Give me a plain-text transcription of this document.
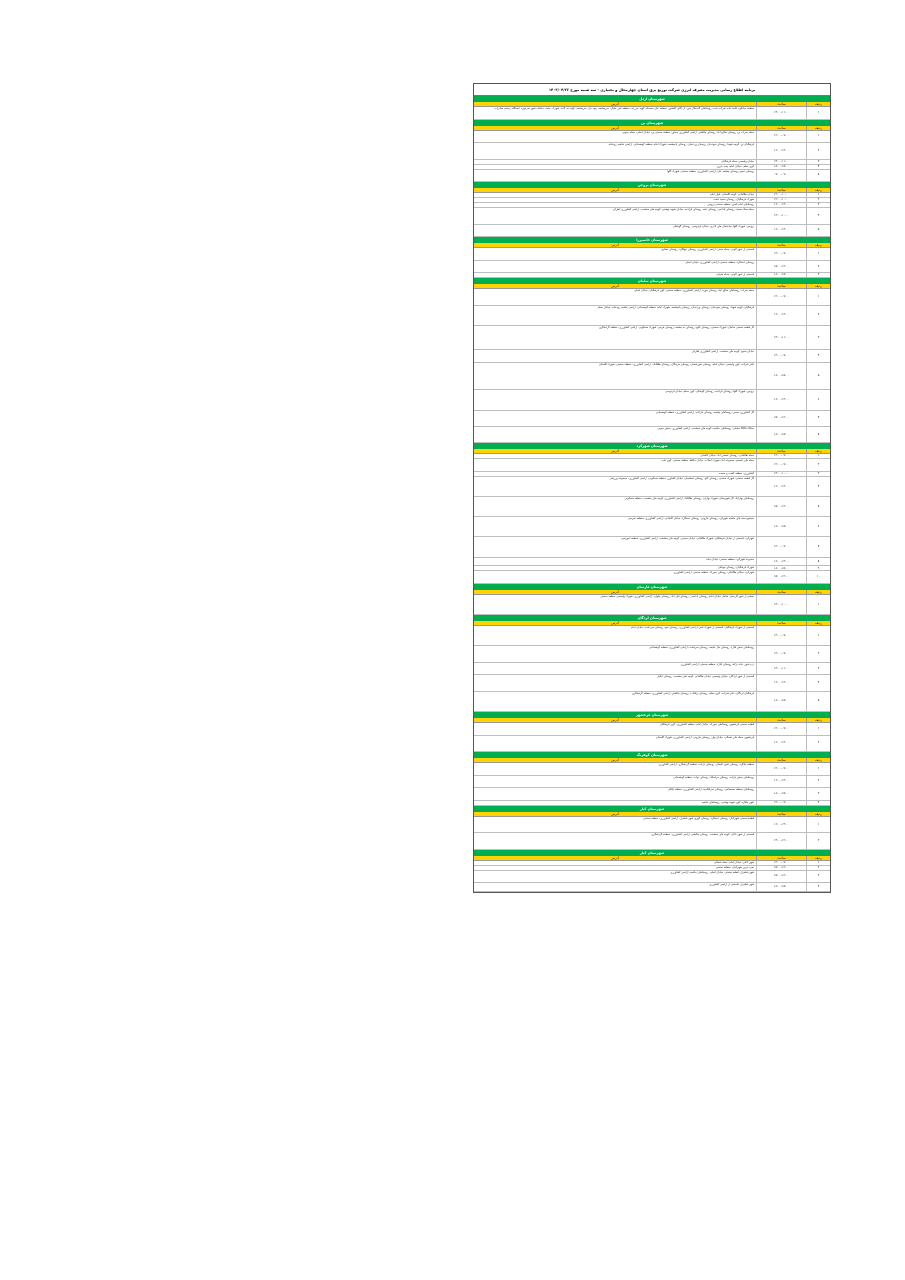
برنامه اطلاع رسانی مدیریت مصرف انرژی شرکت توزیع برق استان چهارمحال و بختیاری - سه شنبه مورخ ۱۴۰۳/۰۴/۲۶
شهرستان اردل
ردیف
ساعت
آدرس
۱
۱۴:۰۰-۱۱:۰۰
منطقه میانکوه، قلعه خانه شرکت نفت، روستاهای گندمکار مور، تل اکاو، کلشتور، منطقه علی مصحانه کهیه، مزرعه، منطقه شیر جلیان، سرچشمه، پیوه بان، سرچشمه، کهنه ده، گنبد، شهرک، جامه، دشتک، شهر سرخون، ایستگاه رسینم معابرات
شهرستان بن
ردیف
ساعت
آدرس
۱
۱۲:۰۰-۰۹:۰۰
محله سراب بن، روستای صالح آباد، روستای چالشتر، اراضی کشاورزی مجاور، منطقه صنعتی بن، خیابان اصلی، محله جنوبی
۲
۱۶:۰۰-۱۳:۰۰
فرهنگیان بن، کوچه شهدا، روستای سودجان، روستای وردنجان، روستای یانچشمه، شهرک امام، منطقه کوهستانی، اراضی حاشیه رودخانه
۳
۱۴:۰۰-۱۱:۰۰
خیابان ولیعصر، محله فرهنگیان
۴
۱۸:۰۰-۱۵:۰۰
کوی معلم، خیابان امام، پمپ بنزین
۵
۰۹:۰۰-۰۷:۰۰
روستای دهنو، روستای چشمه علی، اراضی کشاورزی، منطقه صنعتی، شهرک گلها
شهرستان بروجن
ردیف
ساعت
آدرس
۱
۱۲:۰۰-۱۰:۰۰
خیابان طالقانی، کوچه گلستان، بلوار امام
۲
۱۲:۰۰-۱۰:۰۰
شهرک فرهنگیان، روستای سفید دشت
۳
۱۶:۰۰-۱۴:۰۰
روستاهای امام قیس، منطقه صنعتی بروجن
۴
۱۳:۰۰-۱۰:۰۰
محله سنگ سفید، روستای بلداجی، روستای نقنه، روستای فرادنبه، خیابان شهید بهشتی، کوچه های منشعب، اراضی کشاورزی اطراف
۵
۱۶:۰۰-۱۳:۰۰
بروجن، شهرک گلها، ساختمان های اداری، خیابان فردوسی، روستای گوشکی
شهرستان خانمیرزا
ردیف
ساعت
آدرس
۱
۱۲:۰۰-۰۹:۰۰
قسمتی از شهر آلونی، محله سنتی، اراضی کشاورزی، روستای چهلگرد، روستای مشایخ
۲
۱۵:۰۰-۱۲:۰۰
روستای دستگرد، منطقه صنعتی، اراضی کشاورزی، خیابان اصلی
۳
۱۸:۰۰-۱۵:۰۰
قسمتی از شهر آلونی، محله شرقی
شهرستان سامان
ردیف
ساعت
آدرس
۱
۱۲:۰۰-۰۹:۰۰
محله سراب، روستاهای صالح آباد، روستای هوره، اراضی کشاورزی، منطقه صنعتی، کوی فرهنگیان، خیابان اصلی
۲
۱۶:۰۰-۱۳:۰۰
فرهنگیان، کوچه شهدا، روستای سودجان، روستای وردنجان، روستای یانچشمه، شهرک امام، منطقه کوهستانی، اراضی حاشیه رودخانه، خیابان معلم
۳
۱۴:۰۰-۱۱:۰۰
کل قطعه صنعتی سامان، شهرک صنعتی، روستای نافچ، روستای ده چشمه، روستای هرجی، شهرک مسکونی، اراضی کشاورزی، منطقه گردشگری
۴
۱۲:۰۰-۰۹:۰۰
خیابان بسیج، کوچه های منشعب، اراضی کشاورزی اطراف
۵
۱۸:۰۰-۱۵:۰۰
دفتر شرکت، کوی ولیعصر، خیابان امام، روستای سورشجان، روستای هرچگان، روستای طاقانک، اراضی کشاورزی، منطقه صنعتی، شهرک گلستان
۶
۱۶:۰۰-۱۴:۰۰
بروجن، شهرک گلها، روستای فرادنبه، روستای گوشکی، کوی معلم، خیابان فردوسی
۷
۱۵:۰۰-۱۲:۰۰
کل کشاورزی سمیر، روستاهای چلیچه، روستای مارکده، اراضی کشاورزی، منطقه کوهستانی
۸
۱۸:۰۰-۱۵:۰۰
جایگاه CNG سامان، روستاهای حاشیه، کوچه های منشعب، اراضی کشاورزی، بخش جنوبی
شهرستان شهرکرد
ردیف
ساعت
آدرس
۱
۱۲:۰۰-۰۹:۰۰
محله طالقانی، روستای شمس آباد، خیابان کاشانی
۲
۱۲:۰۰-۰۹:۰۰
محله های تقسیم، مجموعه آباد، شهرک انقلاب، خیابان حافظ، منطقه صنعتی، کوی ملت
۳
۱۴:۰۰-۱۰:۰۰
کشاورزی، منطقه کشت و صنعت
۴
۱۶:۰۰-۱۳:۰۰
کل قطعه صنعتی، شهرک صنعتی، روستای کاج، روستای هفشجان، خیابان کشاورز، منطقه مسکونی، اراضی کشاورزی، مجموعه ورزشی
۵
۱۵:۰۰-۱۲:۰۰
روستاهای بهارآباد، کل شهرستان، شهرک بهاران، روستای طاقانک، اراضی کشاورزی، کوچه های منشعب، منطقه مسکونی
۶
۱۸:۰۰-۱۵:۰۰
مجتمع بسته های حاشیه شهرکرد، روستای هارونی، روستای دستگرد، خیابان کاشانی، اراضی کشاورزی، منطقه تفریحی
۷
۱۲:۰۰-۰۹:۰۰
شهرکرد، قسمتی از خیابان فرهنگیان، شهرک طالقانی، خیابان سعدی، کوچه های منشعب، اراضی کشاورزی، منطقه آموزشی
۸
۱۶:۰۰-۱۳:۰۰
محدوده شهرکرد، منطقه صنعتی، خیابان ملت
۹
۱۸:۰۰-۱۵:۰۰
شهرک فرهنگیان، روستای جونقان
۱۰
۱۵:۰۰-۱۲:۰۰
شهرکرد، خیابان طالقانی، روستای سورک، منطقه صنعتی، اراضی کشاورزی
شهرستان فارسان
ردیف
ساعت
آدرس
۱
۱۴:۰۰-۱۰:۰۰
بخشی از شهر فارسان، شامل خیابان امام، روستای باباحیدر، روستای فیل آباد، روستای چلوان، اراضی کشاورزی، شهرک ولیعصر، منطقه صنعتی
شهرستان لردگان
ردیف
ساعت
آدرس
۱
۱۲:۰۰-۰۹:۰۰
قسمتی از شهرک فرهنگیان، قسمتی از شهرک فجر، اراضی کشاورزی، روستای منج، روستای سردشت، خیابان امام
۲
۱۲:۰۰-۰۹:۰۰
روستاهای بخش فلارد، روستای مال خلیفه، روستای سردشت، اراضی کشاورزی، منطقه کوهستانی
۳
۱۴:۰۰-۱۱:۰۰
دره شور، خانه ترکه، روستای فلارد، منطقه صنعتی، اراضی کشاورزی
۴
۱۶:۰۰-۱۳:۰۰
قسمتی از شهر لردگان، خیابان ولیعصر، خیابان طالقانی، کوچه های منشعب، روستای آبکنار
۵
۱۸:۰۰-۱۵:۰۰
فرهنگیان لردگان، دفتر شرکت، کوی معلم، روستای برآفتاب، روستای چالشتر، اراضی کشاورزی، منطقه گردشگری
شهرستان فرخشهر
ردیف
ساعت
آدرس
۱
۱۲:۰۰-۰۹:۰۰
قطعه صنعتی فرخشهر، روستاهای سورک، خیابان امام، منطقه کشاورزی، کوی فرهنگیان
۲
۱۶:۰۰-۱۳:۰۰
فرخشهر، محله های شمالی، خیابان بهار، روستای هارونی، اراضی کشاورزی، شهرک گلستان
شهرستان کوهرنگ
ردیف
ساعت
آدرس
۱
۱۲:۰۰-۰۹:۰۰
منطقه چلگرد، روستای شیخ علیخان، روستای بازفت، منطقه گردشگری، اراضی کشاورزی
۲
۱۶:۰۰-۱۳:۰۰
روستاهای بخش بازفت، روستای مرغملک، روستای دوآب، منطقه کوهستانی
۳
۱۸:۰۰-۱۵:۰۰
روستاهای منطقه صمصامی، روستای سرآقاسید، اراضی کشاورزی، منطقه ییلاقی
۴
۱۲:۰۰-۰۹:۰۰
شهر چلگرد، کوی شهید بهشتی، روستاهای حاشیه
شهرستان کیار
ردیف
ساعت
آدرس
۱
۱۶:۰۰-۱۴:۰۰
قطعه صنعتی شهرکیان، روستای دستگرد، روستای گهرو، شهر شلمزار، اراضی کشاورزی، منطقه صنعتی
۲
۱۴:۰۰-۱۲:۰۰
قسمتی از شهر ناغان، کوچه های منشعب، روستای چالشتر، اراضی کشاورزی، منطقه گردشگری
شهرستان کیار
ردیف
ساعت
آدرس
۱
۱۲:۰۰-۰۹:۰۰
شهر ناغان، خیابان امام، محله شمالی
۲
۱۵:۰۰-۱۲:۰۰
پمپ بنزین شهرکیان، منطقه صنعتی
۳
۱۵:۰۰-۱۲:۰۰
شهر شلمزار، قطعه صنعتی، خیابان اصلی، روستاهای حاشیه، اراضی کشاورزی
۴
۱۸:۰۰-۱۵:۰۰
شهر شلمزار، قسمتی از اراضی کشاورزی
